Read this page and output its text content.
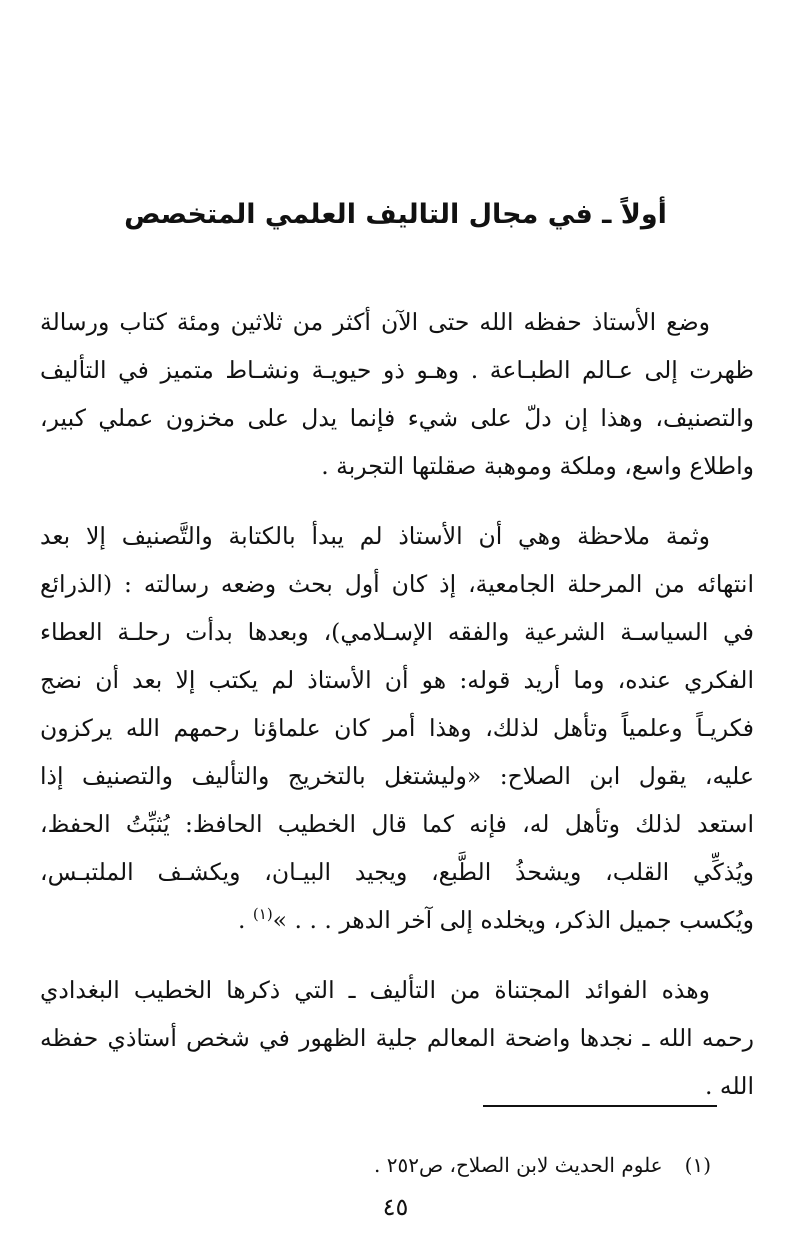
أولاً ـ في مجال التاليف العلمي المتخصص

وضع الأستاذ حفظه الله حتى الآن أكثر من ثلاثين ومئة كتاب ورسالة
ظهرت إلى عـالم الطبـاعة . وهـو ذو حيويـة ونشـاط متميز في التأليف
والتصنيف، وهذا إن دلّ على شيء فإنما يدل على مخزون عملي كبير،
واطلاع واسع، وملكة وموهبة صقلتها التجربة .

وثمة ملاحظة وهي أن الأستاذ لم يبدأ بالكتابة والتَّصنيف إلا بعد
انتهائه من المرحلة الجامعية، إذ كان أول بحث وضعه رسالته : (الذرائع
في السياسـة الشرعية والفقه الإسـلامي)، وبعدها بدأت رحلـة العطاء
الفكري عنده، وما أريد قوله: هو أن الأستاذ لم يكتب إلا بعد أن نضج
فكريـاً وعلمياً وتأهل لذلك، وهذا أمر كان علماؤنا رحمهم الله يركزون
عليه، يقول ابن الصلاح: «وليشتغل بالتخريج والتأليف والتصنيف إذا
استعد لذلك وتأهل له، فإنه كما قال الخطيب الحافظ: يُثبِّتُ الحفظ،
ويُذكِّي القلب، ويشحذُ الطَّبع، ويجيد البيـان، ويكشـف الملتبـس،
ويُكسب جميل الذكر، ويخلده إلى آخر الدهر . . . »$^{(١)}$ .

وهذه الفوائد المجتناة من التأليف ـ التي ذكرها الخطيب البغدادي
رحمه الله ـ نجدها واضحة المعالم جلية الظهور في شخص أستاذي حفظه
الله .

(١)علوم الحديث لابن الصلاح، ص٢٥٢ .
٤٥
